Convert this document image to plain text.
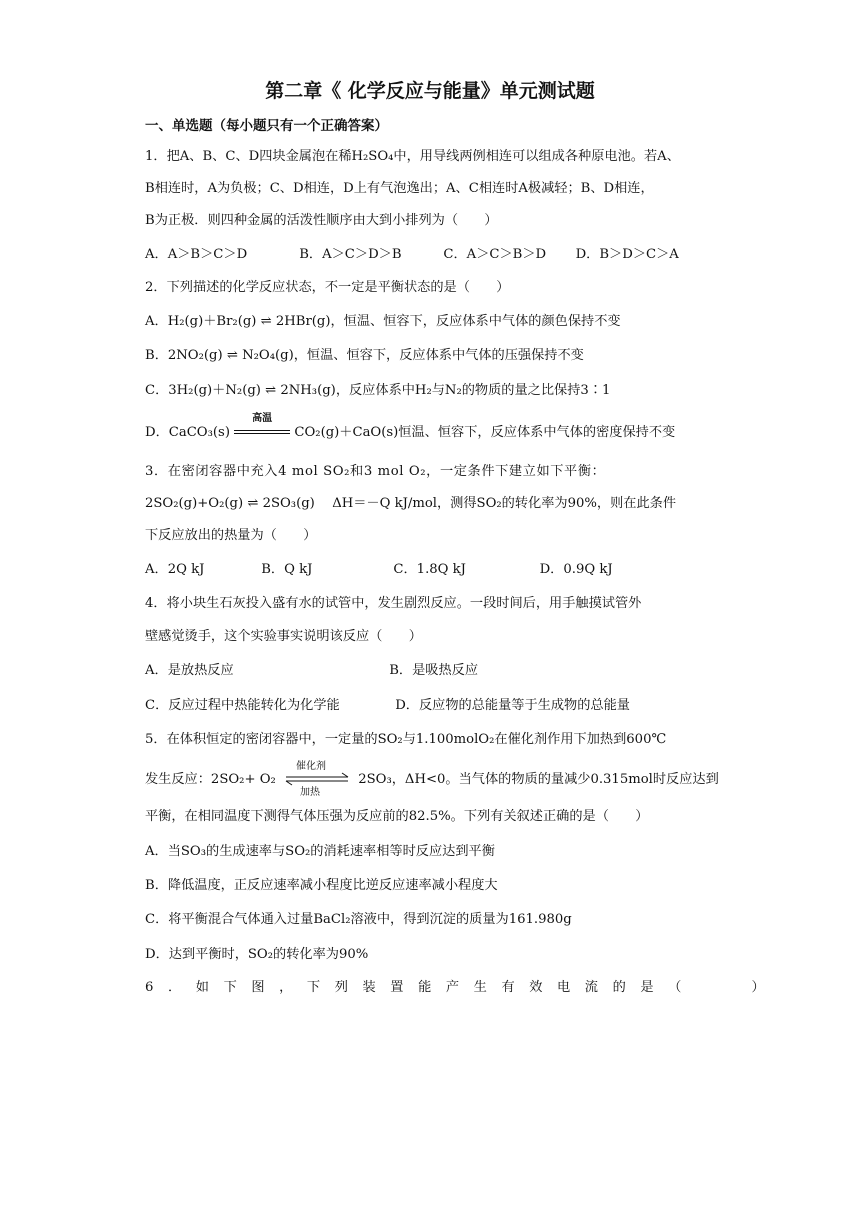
第二章《 化学反应与能量》单元测试题
一、单选题（每小题只有一个正确答案）
1．把A、B、C、D四块金属泡在稀H₂SO₄中，用导线两例相连可以组成各种原电池。若A、
B相连时，A为负极；C、D相连，D上有气泡逸出；A、C相连时A极减轻；B、D相连，
B为正极．则四种金属的活泼性顺序由大到小排列为（　　）
A．A＞B＞C＞D	B．A＞C＞D＞B	C．A＞C＞B＞D D．B＞D＞C＞A
2．下列描述的化学反应状态，不一定是平衡状态的是（　　）
A．H₂(g)＋Br₂(g) ⇌ 2HBr(g)，恒温、恒容下，反应体系中气体的颜色保持不变
B．2NO₂(g) ⇌ N₂O₄(g)，恒温、恒容下，反应体系中气体的压强保持不变
C．3H₂(g)＋N₂(g) ⇌ 2NH₃(g)，反应体系中H₂与N₂的物质的量之比保持3∶1
D．CaCO₃(s)
高温
CO₂(g)＋CaO(s)恒温、恒容下，反应体系中气体的密度保持不变
3．在密闭容器中充入4 mol SO₂和3 mol O₂，一定条件下建立如下平衡：
2SO₂(g)+O₂(g) ⇌ 2SO₃(g)　 ΔH＝－Q kJ/mol，测得SO₂的转化率为90%，则在此条件
下反应放出的热量为（　　）
A．2Q kJ	B．Q kJ	C．1.8Q kJ	D．0.9Q kJ
4．将小块生石灰投入盛有水的试管中，发生剧烈反应。一段时间后，用手触摸试管外
壁感觉烫手，这个实验事实说明该反应（　　）
A．是放热反应	B．是吸热反应
C．反应过程中热能转化为化学能	D．反应物的总能量等于生成物的总能量
5．在体积恒定的密闭容器中，一定量的SO₂与1.100molO₂在催化剂作用下加热到600℃
发生反应：2SO₂+ O₂
催化剂
加热
2SO₃，ΔH<0。当气体的物质的量减少0.315mol时反应达到
平衡，在相同温度下测得气体压强为反应前的82.5%。下列有关叙述正确的是（　　）
A．当SO₃的生成速率与SO₂的消耗速率相等时反应达到平衡
B．降低温度，正反应速率减小程度比逆反应速率减小程度大
C．将平衡混合气体通入过量BaCl₂溶液中，得到沉淀的质量为161.980g
D．达到平衡时，SO₂的转化率为90%
6．如下图，下列装置能产生有效电流的是（　　）
